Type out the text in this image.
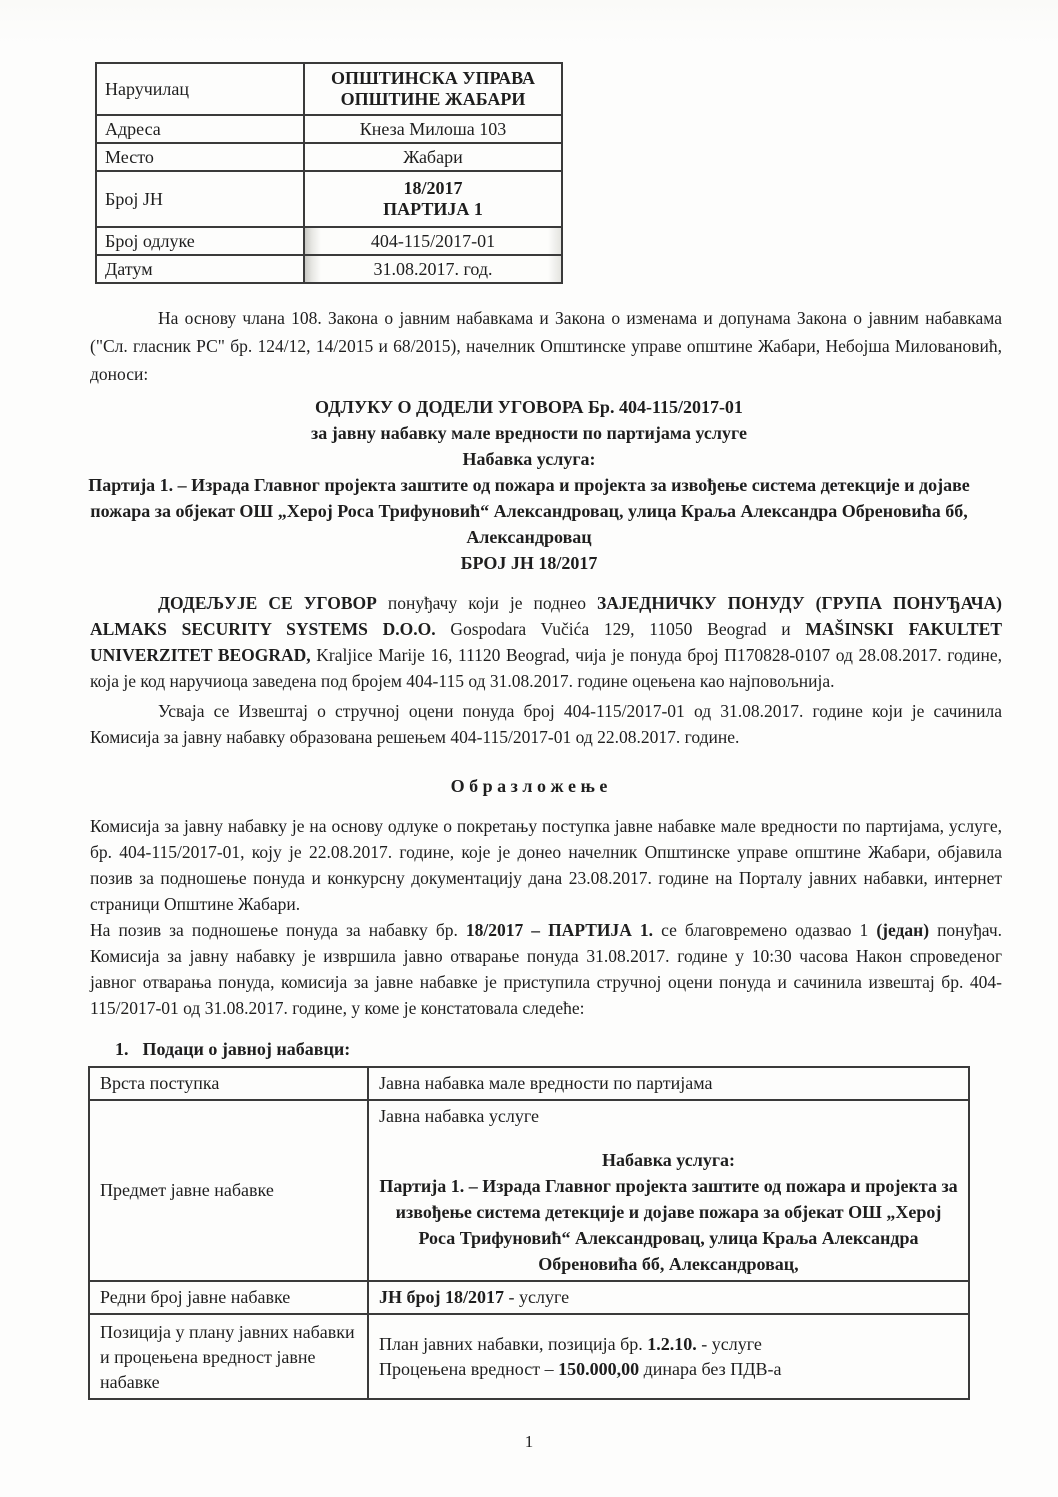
Наручилац	ОПШТИНСКА УПРАВА
ОПШТИНЕ ЖАБАРИ

Адреса	Кнеза Милоша 103
Место	Жабари
Број ЈН	18/2017
ПАРТИЈА 1

Број одлуке	404-115/2017-01
Датум	31.08.2017. год.

На основу члана 108. Закона о јавним набавкама и Закона о изменама и допунама Закона о јавним набавкама ("Сл. гласник РС" бр. 124/12, 14/2015 и 68/2015), начелник Општинске управе општине Жабари, Небојша Миловановић, доноси:

ОДЛУКУ О ДОДЕЛИ УГОВОРА Бр. 404-115/2017-01
за јавну набавку мале вредности по партијама услуге
Набавка услуга:
Партија 1. – Израда Главног пројекта заштите од пожара и пројекта за извођење система детекције и дојаве пожара за објекат ОШ „Херој Роса Трифуновић“ Александровац, улица Краља Александра Обреновића бб, Александровац
БРОЈ ЈН 18/2017

ДОДЕЉУЈЕ СЕ УГОВОР понуђачу који је поднео ЗАЈЕДНИЧКУ ПОНУДУ (ГРУПА ПОНУЂАЧА) ALMAKS SECURITY SYSTEMS D.O.O. Gospodara Vučića 129, 11050 Beograd и MAŠINSKI FAKULTET UNIVERZITET BEOGRAD, Kraljice Marije 16, 11120 Beograd, чија је понуда број П170828-0107 од 28.08.2017. године, која је код наручиоца заведена под бројем 404-115 од 31.08.2017. године оцењена као најповољнија.

Усваја се Извештај о стручној оцени понуда број 404-115/2017-01 од 31.08.2017. године који је сачинила Комисија за јавну набавку образована решењем 404-115/2017-01 од 22.08.2017. године.

О б р а з л о ж е њ е

Комисија за јавну набавку је на основу одлуке о покретању поступка јавне набавке мале вредности по партијама, услуге, бр. 404-115/2017-01, коју је 22.08.2017. године, које је донео начелник Општинске управе општине Жабари, објавила позив за подношење понуда и конкурсну документацију дана 23.08.2017. године на Порталу јавних набавки, интернет страници Општине Жабари.

На позив за подношење понуда за набавку бр. 18/2017 – ПАРТИЈА 1. се благовремено одазвао 1 (један) понуђач. Комисија за јавну набавку је извршила јавно отварање понуда 31.08.2017. године у 10:30 часова Након спроведеног јавног отварања понуда, комисија за јавне набавке је приступила стручној оцени понуда и сачинила извештај бр. 404-115/2017-01 од 31.08.2017. године, у коме је констатовала следеће:

1. Подаци о јавној набавци:
Врста поступка	Јавна набавка мале вредности по партијама
Предмет јавне набавке	Јавна набавка услуге
Набавка услуга:
Партија 1. – Израда Главног пројекта заштите од пожара и пројекта за извођење система детекције и дојаве пожара за објекат ОШ „Херој Роса Трифуновић“ Александровац, улица Краља Александра Обреновића бб, Александровац,

Редни број јавне набавке	ЈН број 18/2017 - услуге
Позиција у плану јавних набавки и процењена вредност јавне набавке	План јавних набавки, позиција бр. 1.2.10. - услуге
Процењена вредност – 150.000,00 динара без ПДВ-а
1
